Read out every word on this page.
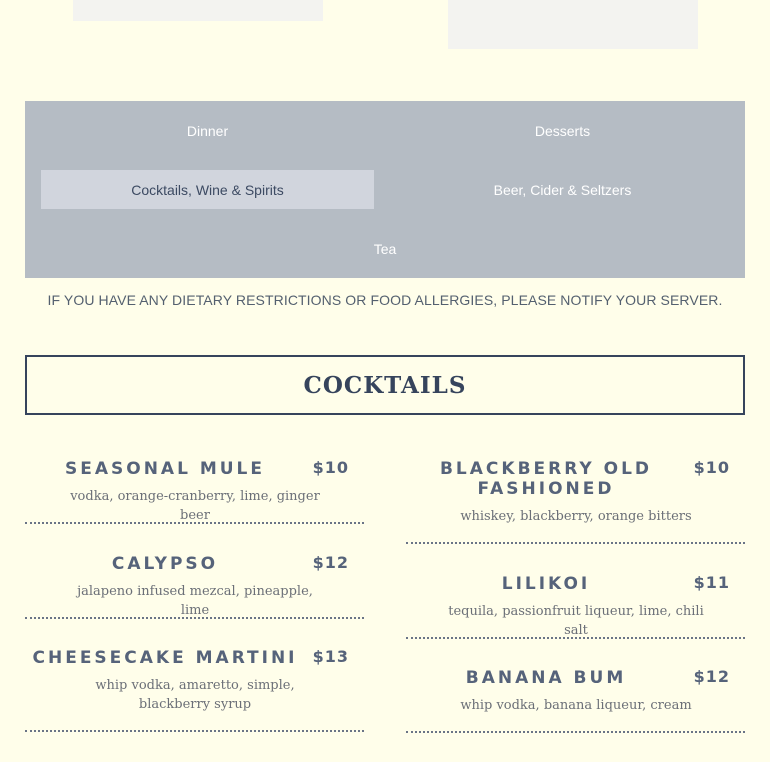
Dinner	Desserts
Cocktails, Wine & Spirits	Beer, Cider & Seltzers
Tea
IF YOU HAVE ANY DIETARY RESTRICTIONS OR FOOD ALLERGIES, PLEASE NOTIFY YOUR SERVER.
COCKTAILS
SEASONAL MULE	$10
vodka, orange-cranberry, lime, ginger beer
CALYPSO	$12
jalapeno infused mezcal, pineapple, lime
CHEESECAKE MARTINI $13
whip vodka, amaretto, simple, blackberry syrup
BLACKBERRY OLD FASHIONED
$10
whiskey, blackberry, orange bitters
LILIKOI	$11
tequila, passionfruit liqueur, lime, chili salt
BANANA BUM	$12
whip vodka, banana liqueur, cream
